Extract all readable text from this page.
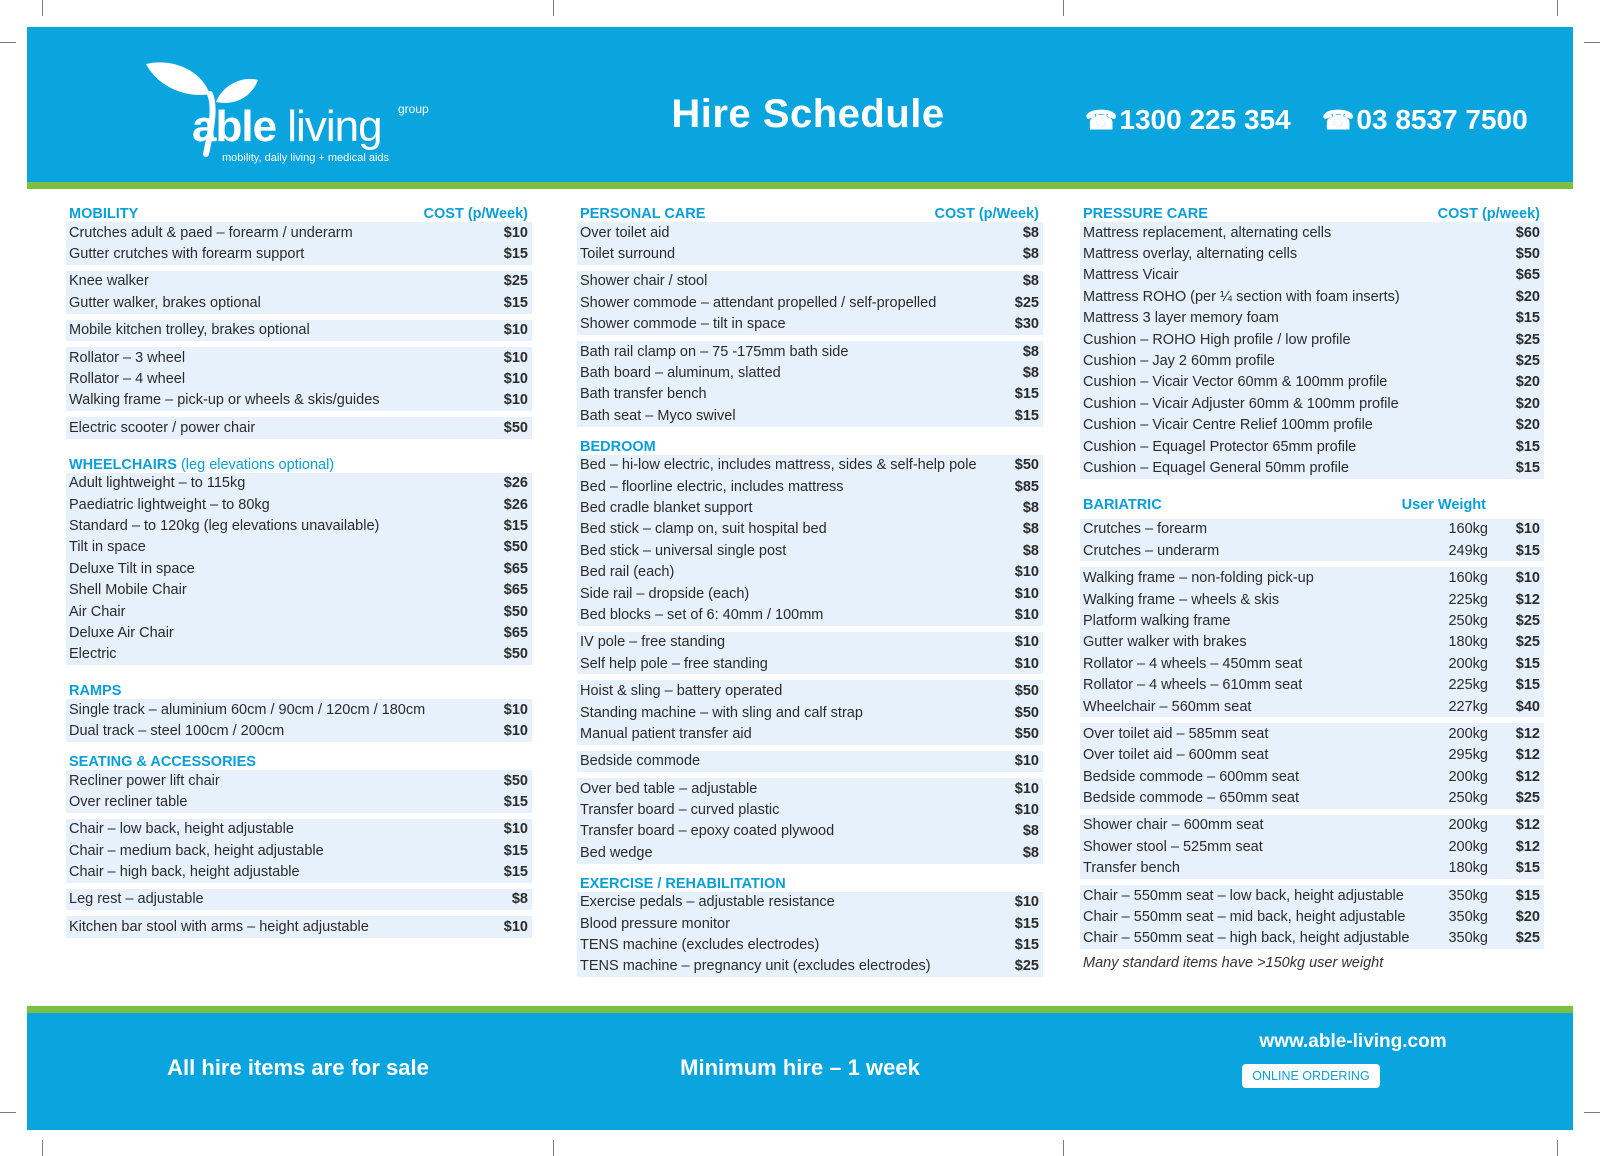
group
able living
mobility, daily living + medical aids
Hire Schedule	☎1300 225 354 ☎03 8537 7500
MOBILITY	COST (p/Week)
Crutches adult & paed – forearm / underarm	$10
Gutter crutches with forearm support	$15
Knee walker	$25
Gutter walker, brakes optional	$15
Mobile kitchen trolley, brakes optional	$10
Rollator – 3 wheel	$10
Rollator – 4 wheel	$10
Walking frame – pick-up or wheels & skis/guides	$10
Electric scooter / power chair	$50
WHEELCHAIRS (leg elevations optional)
Adult lightweight – to 115kg	$26
Paediatric lightweight – to 80kg	$26
Standard – to 120kg (leg elevations unavailable)	$15
Tilt in space	$50
Deluxe Tilt in space	$65
Shell Mobile Chair	$65
Air Chair	$50
Deluxe Air Chair	$65
Electric	$50
RAMPS
Single track – aluminium 60cm / 90cm / 120cm / 180cm	$10
Dual track – steel 100cm / 200cm	$10
SEATING & ACCESSORIES
Recliner power lift chair	$50
Over recliner table	$15
Chair – low back, height adjustable	$10
Chair – medium back, height adjustable	$15
Chair – high back, height adjustable	$15
Leg rest – adjustable	$8
Kitchen bar stool with arms – height adjustable	$10
PERSONAL CARE	COST (p/Week)
Over toilet aid	$8
Toilet surround	$8
Shower chair / stool	$8
Shower commode – attendant propelled / self-propelled	$25
Shower commode – tilt in space	$30
Bath rail clamp on – 75 -175mm bath side	$8
Bath board – aluminum, slatted	$8
Bath transfer bench	$15
Bath seat – Myco swivel	$15
BEDROOM
Bed – hi-low electric, includes mattress, sides & self-help pole	$50
Bed – floorline electric, includes mattress	$85
Bed cradle blanket support	$8
Bed stick – clamp on, suit hospital bed	$8
Bed stick – universal single post	$8
Bed rail (each)	$10
Side rail – dropside (each)	$10
Bed blocks – set of 6: 40mm / 100mm	$10
IV pole – free standing	$10
Self help pole – free standing	$10
Hoist & sling – battery operated	$50
Standing machine – with sling and calf strap	$50
Manual patient transfer aid	$50
Bedside commode	$10
Over bed table – adjustable	$10
Transfer board – curved plastic	$10
Transfer board – epoxy coated plywood	$8
Bed wedge	$8
EXERCISE / REHABILITATION
Exercise pedals – adjustable resistance	$10
Blood pressure monitor	$15
TENS machine (excludes electrodes)	$15
TENS machine – pregnancy unit (excludes electrodes)	$25
PRESSURE CARE	COST (p/week)
Mattress replacement, alternating cells	$60
Mattress overlay, alternating cells	$50
Mattress Vicair	$65
Mattress ROHO (per ¼ section with foam inserts)	$20
Mattress 3 layer memory foam	$15
Cushion – ROHO High profile / low profile	$25
Cushion – Jay 2 60mm profile	$25
Cushion – Vicair Vector 60mm & 100mm profile	$20
Cushion – Vicair Adjuster 60mm & 100mm profile	$20
Cushion – Vicair Centre Relief 100mm profile	$20
Cushion – Equagel Protector 65mm profile	$15
Cushion – Equagel General 50mm profile	$15
BARIATRIC	User Weight
Crutches – forearm	160kg	$10
Crutches – underarm	249kg	$15
Walking frame – non-folding pick-up	160kg	$10
Walking frame – wheels & skis	225kg	$12
Platform walking frame	250kg	$25
Gutter walker with brakes	180kg	$25
Rollator – 4 wheels – 450mm seat	200kg	$15
Rollator – 4 wheels – 610mm seat	225kg	$15
Wheelchair – 560mm seat	227kg	$40
Over toilet aid – 585mm seat	200kg	$12
Over toilet aid – 600mm seat	295kg	$12
Bedside commode – 600mm seat	200kg	$12
Bedside commode – 650mm seat	250kg	$25
Shower chair – 600mm seat	200kg	$12
Shower stool – 525mm seat	200kg	$12
Transfer bench	180kg	$15
Chair – 550mm seat – low back, height adjustable	350kg	$15
Chair – 550mm seat – mid back, height adjustable	350kg	$20
Chair – 550mm seat – high back, height adjustable	350kg	$25
Many standard items have >150kg user weight
All hire items are for sale	Minimum hire – 1 week
www.able-living.com
ONLINE ORDERING
